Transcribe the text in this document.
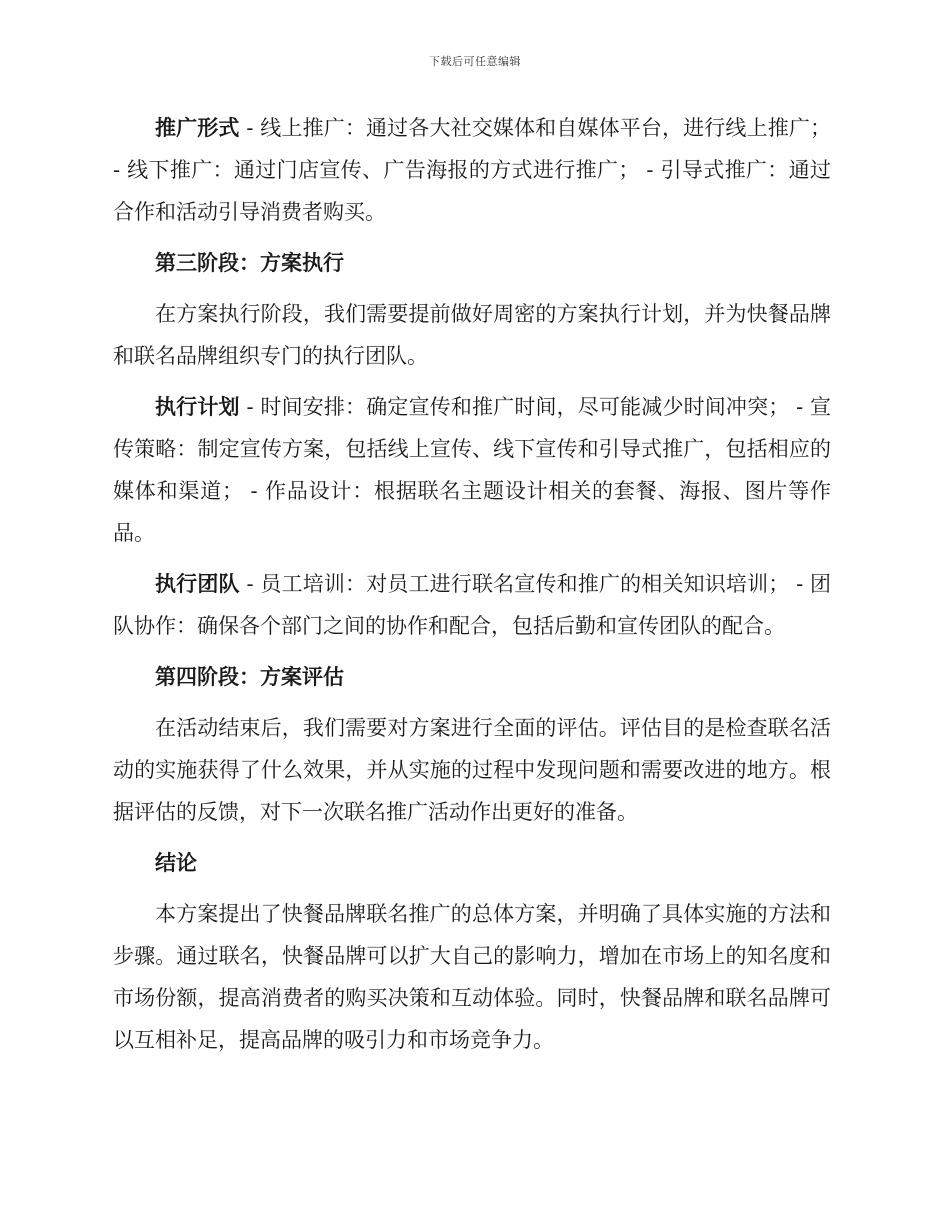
下载后可任意编辑

推广形式 - 线上推广：通过各大社交媒体和自媒体平台，进行线上推广； - 线下推广：通过门店宣传、广告海报的方式进行推广； - 引导式推广：通过合作和活动引导消费者购买。

第三阶段：方案执行

在方案执行阶段，我们需要提前做好周密的方案执行计划，并为快餐品牌和联名品牌组织专门的执行团队。

执行计划 - 时间安排：确定宣传和推广时间，尽可能减少时间冲突； - 宣传策略：制定宣传方案，包括线上宣传、线下宣传和引导式推广，包括相应的媒体和渠道； - 作品设计：根据联名主题设计相关的套餐、海报、图片等作品。

执行团队 - 员工培训：对员工进行联名宣传和推广的相关知识培训； - 团队协作：确保各个部门之间的协作和配合，包括后勤和宣传团队的配合。

第四阶段：方案评估

在活动结束后，我们需要对方案进行全面的评估。评估目的是检查联名活动的实施获得了什么效果，并从实施的过程中发现问题和需要改进的地方。根据评估的反馈，对下一次联名推广活动作出更好的准备。

结论

本方案提出了快餐品牌联名推广的总体方案，并明确了具体实施的方法和步骤。通过联名，快餐品牌可以扩大自己的影响力，增加在市场上的知名度和市场份额，提高消费者的购买决策和互动体验。同时，快餐品牌和联名品牌可以互相补足，提高品牌的吸引力和市场竞争力。
